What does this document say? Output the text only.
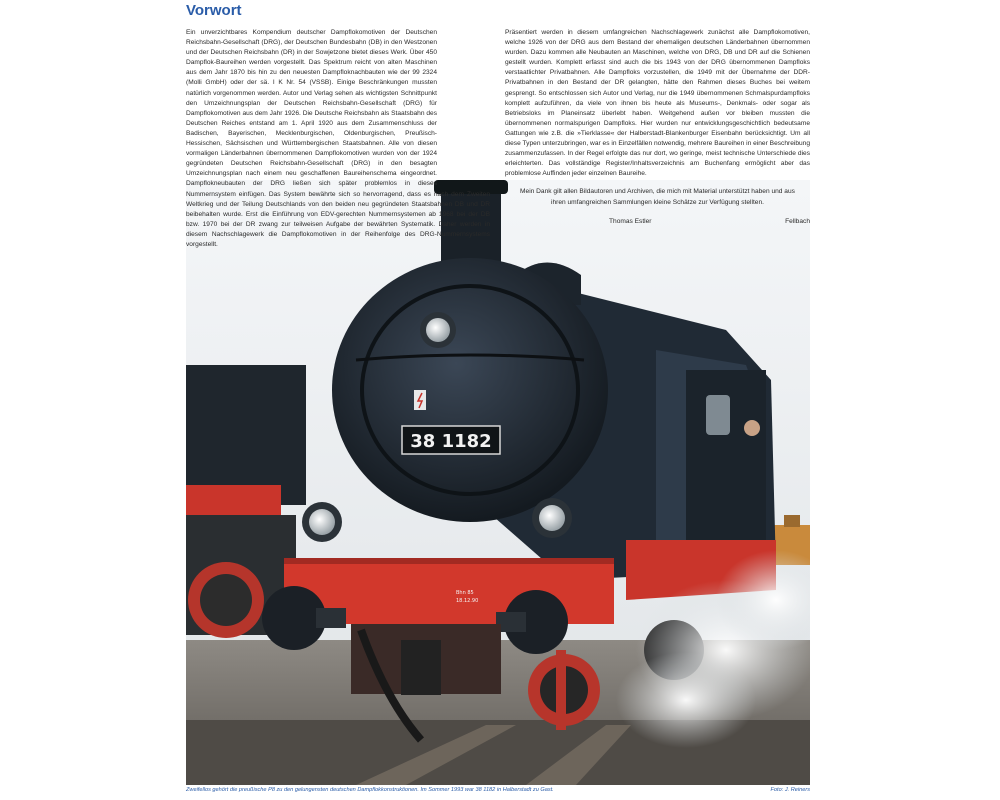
Vorwort
38 1182
Bhn 85
18.12.90

Ein unverzichtbares Kompendium deutscher Dampflokomotiven der Deutschen Reichsbahn-Gesellschaft (DRG), der Deutschen Bundesbahn (DB) in den Westzonen und der Deutschen Reichsbahn (DR) in der Sowjetzone bietet dieses Werk. Über 450 Dampflok-Baureihen werden vorgestellt. Das Spektrum reicht von alten Maschinen aus dem Jahr 1870 bis hin zu den neuesten Dampfloknachbauten wie der 99 2324 (Molli GmbH) oder der sä. I K Nr. 54 (VSSB). Einige Beschränkungen mussten natürlich vorgenommen werden. Autor und Verlag sehen als wichtigsten Schnittpunkt den Umzeichnungsplan der Deutschen Reichsbahn-Gesellschaft (DRG) für Dampflokomotiven aus dem Jahr 1926. Die Deutsche Reichsbahn als Staatsbahn des Deutschen Reiches entstand am 1. April 1920 aus dem Zusammenschluss der Badischen, Bayerischen, Mecklenburgischen, Oldenburgischen, Preußisch-Hessischen, Sächsischen und Württembergischen Staatsbahnen. Alle von diesen vormaligen Länderbahnen übernommenen Dampflokomotiven wurden von der 1924 gegründeten Deutschen Reichsbahn-Gesellschaft (DRG) in den besagten Umzeichnungsplan nach einem neu geschaffenen Baureihenschema eingeordnet. Dampflokneubauten der DRG ließen sich später problemlos in dieses Nummernsystem einfügen. Das System bewährte sich so hervorragend, dass es nach dem Zweiten Weltkrieg und der Teilung Deutschlands von den beiden neu gegründeten Staatsbahnen DB und DR beibehalten wurde. Erst die Einführung von EDV-gerechten Nummernsystemen ab 1968 bei der DB bzw. 1970 bei der DR zwang zur teilweisen Aufgabe der bewährten Systematik. Daher werden in diesem Nachschlagewerk die Dampflokomotiven in der Reihenfolge des DRG-Nummernsystems vorgestellt.

Präsentiert werden in diesem umfangreichen Nachschlagewerk zunächst alle Dampflokomotiven, welche 1926 von der DRG aus dem Bestand der ehemaligen deutschen Länderbahnen übernommen wurden. Dazu kommen alle Neubauten an Maschinen, welche von DRG, DB und DR auf die Schienen gestellt wurden. Komplett erfasst sind auch die bis 1943 von der DRG übernommenen Dampfloks verstaatlichter Privatbahnen. Alle Dampfloks vorzustellen, die 1949 mit der Übernahme der DDR-Privatbahnen in den Bestand der DR gelangten, hätte den Rahmen dieses Buches bei weitem gesprengt. So entschlossen sich Autor und Verlag, nur die 1949 übernommenen Schmalspurdampfloks komplett aufzuführen, da viele von ihnen bis heute als Museums-, Denkmals- oder sogar als Betriebsloks im Planeinsatz überlebt haben. Weitgehend außen vor bleiben mussten die übernommenen normalspurigen Dampfloks. Hier wurden nur entwicklungsgeschichtlich bedeutsame Gattungen wie z.B. die »Tierklasse« der Halberstadt-Blankenburger Eisenbahn berücksichtigt. Um all diese Typen unterzubringen, war es in Einzelfällen notwendig, mehrere Baureihen in einer Beschreibung zusammenzufassen. In der Regel erfolgte das nur dort, wo geringe, meist technische Unterschiede dies erleichterten. Das vollständige Register/Inhaltsverzeichnis am Buchenfang ermöglicht aber das problemlose Auffinden jeder einzelnen Baureihe.

Mein Dank gilt allen Bildautoren und Archiven, die mich mit Material unterstützt haben und aus ihren umfangreichen Sammlungen kleine Schätze zur Verfügung stellten.

Thomas Estler	Fellbach
Zweifellos gehört die preußische P8 zu den gelungensten deutschen Dampflokkonstruktionen. Im Sommer 1993 war 38 1182 in Halberstadt zu Gast.	Foto: J. Reiners
